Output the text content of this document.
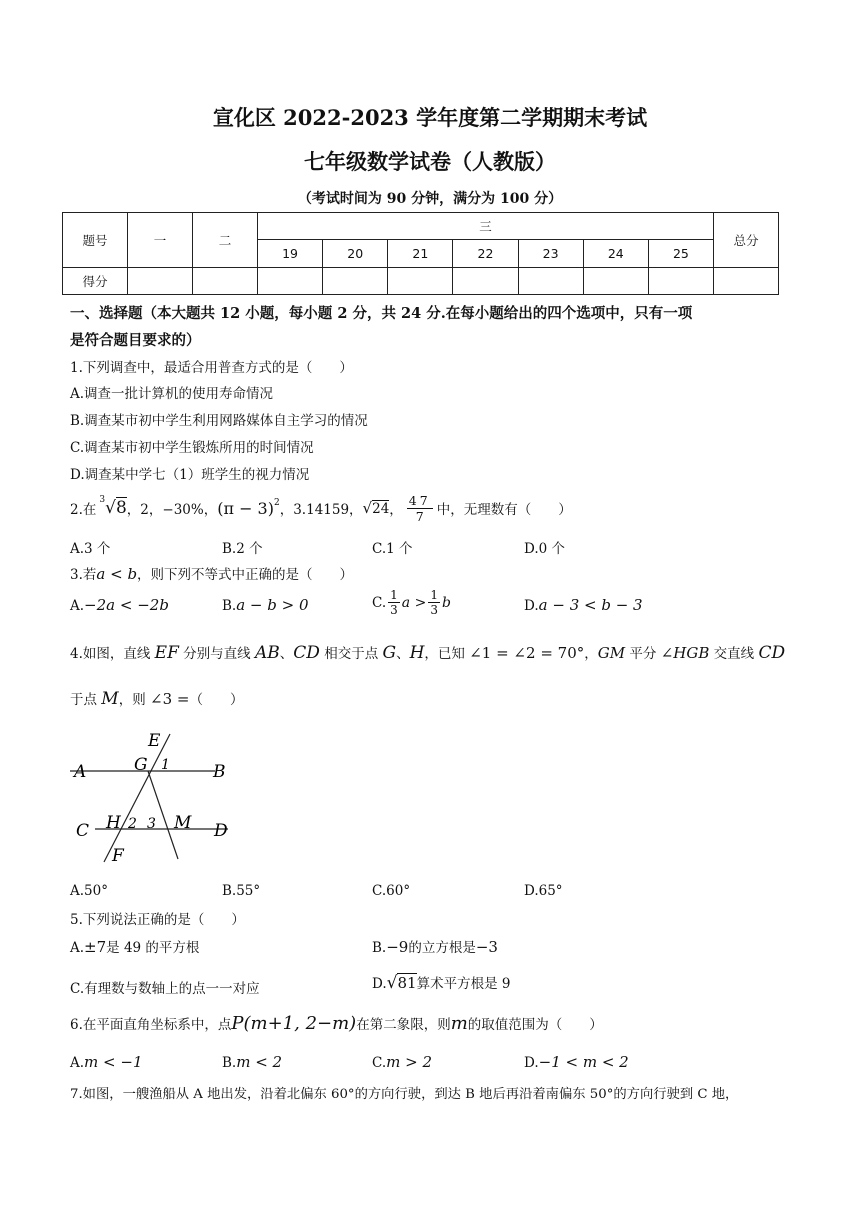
宣化区 2022-2023 学年度第二学期期末考试
七年级数学试卷（人教版）
（考试时间为 90 分钟，满分为 100 分）
题号	一	二	三							总分
			19	20	21	22	23	24	25	
得分										
一、选择题（本大题共 12 小题，每小题 2 分，共 24 分.在每小题给出的四个选项中，只有一项
是符合题目要求的）
1.下列调查中，最适合用普查方式的是（　　）
A.调查一批计算机的使用寿命情况
B.调查某市初中学生利用网路媒体自主学习的情况
C.调查某市初中学生锻炼所用的时间情况
D.调查某中学七（1）班学生的视力情况
2.在
$^3$√8 ，2，−30%， $(\pi - 3)^2$ ，3.14159， √ 24 ， $\frac{47}{7}$ 中，无理数有（　　）
A.3 个	B.2 个	C.1 个	D.0 个
3.若a < b，则下列不等式中正确的是（　　）
A.−2a < −2b	B.a − b > 0	C. $\frac{1}{3}$ $a > \frac{1}{3}$ b	D.a − 3 < b − 3
4.如图，直线 EF 分别与直线 AB、CD 相交于点 G、H，已知 ∠1 = ∠2 = 70°，GM 平分 ∠HGB 交直线 CD
于点 M，则 ∠3 =（　　）
E
A	G 1	B
C H 2 3 M D
F
A.50°	B.55°	C.60°	D.65°
5.下列说法正确的是（　　）
A.±7是 49 的平方根	B.−9的立方根是−3
C.有理数与数轴上的点一一对应	D.√81算术平方根是 9
6.在平面直角坐标系中，点P(m+1, 2−m)在第二象限，则m的取值范围为（　　）
A.m < −1	B.m < 2	C.m > 2	D.−1 < m < 2
7.如图，一艘渔船从 A 地出发，沿着北偏东 60°的方向行驶，到达 B 地后再沿着南偏东 50°的方向行驶到 C 地，
